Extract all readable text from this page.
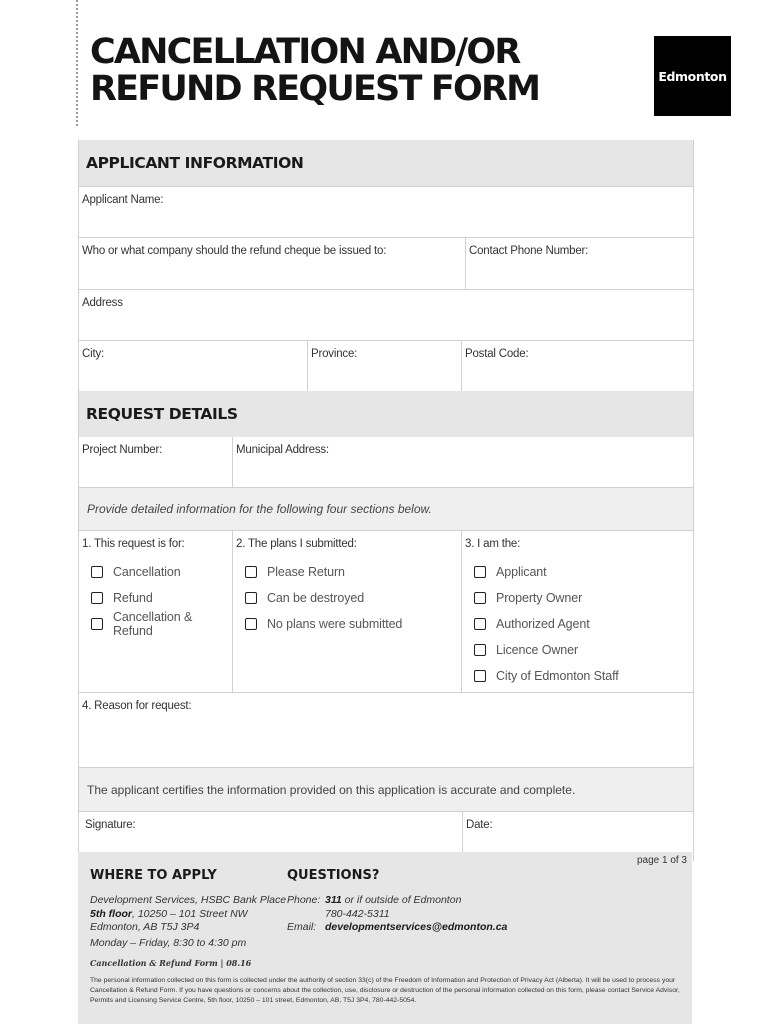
CANCELLATION AND/OR
REFUND REQUEST FORM	Edmonton
APPLICANT INFORMATION
Applicant Name:
Who or what company should the refund cheque be issued to:	Contact Phone Number:
Address
City:	Province:	Postal Code:
REQUEST DETAILS
Project Number:	Municipal Address:
Provide detailed information for the following four sections below.
1. This request is for:
Cancellation
Refund
Cancellation & Refund
2. The plans I submitted:
Please Return
Can be destroyed
No plans were submitted
3. I am the:
Applicant
Property Owner
Authorized Agent
Licence Owner
City of Edmonton Staff
4. Reason for request:
The applicant certifies the information provided on this application is accurate and complete.
Signature:	Date:
page 1 of 3
WHERE TO APPLY	QUESTIONS?
Development Services, HSBC Bank Place
5th floor, 10250 – 101 Street NW
Edmonton, AB T5J 3P4
Monday – Friday, 8:30 to 4:30 pm
Phone: 311 or if outside of Edmonton
780-442-5311
Email: developmentservices@edmonton.ca
Cancellation & Refund Form | 08.16
The personal information collected on this form is collected under the authority of section 33(c) of the Freedom of Information and Protection of Privacy Act (Alberta). It will be used to process your Cancellation & Refund Form. If you have questions or concerns about the collection, use, disclosure or destruction of the personal information collected on this form, please contact Service Advisor, Permits and Licensing Service Centre, 5th floor, 10250 – 101 street, Edmonton, AB, T5J 3P4, 780-442-5054.
